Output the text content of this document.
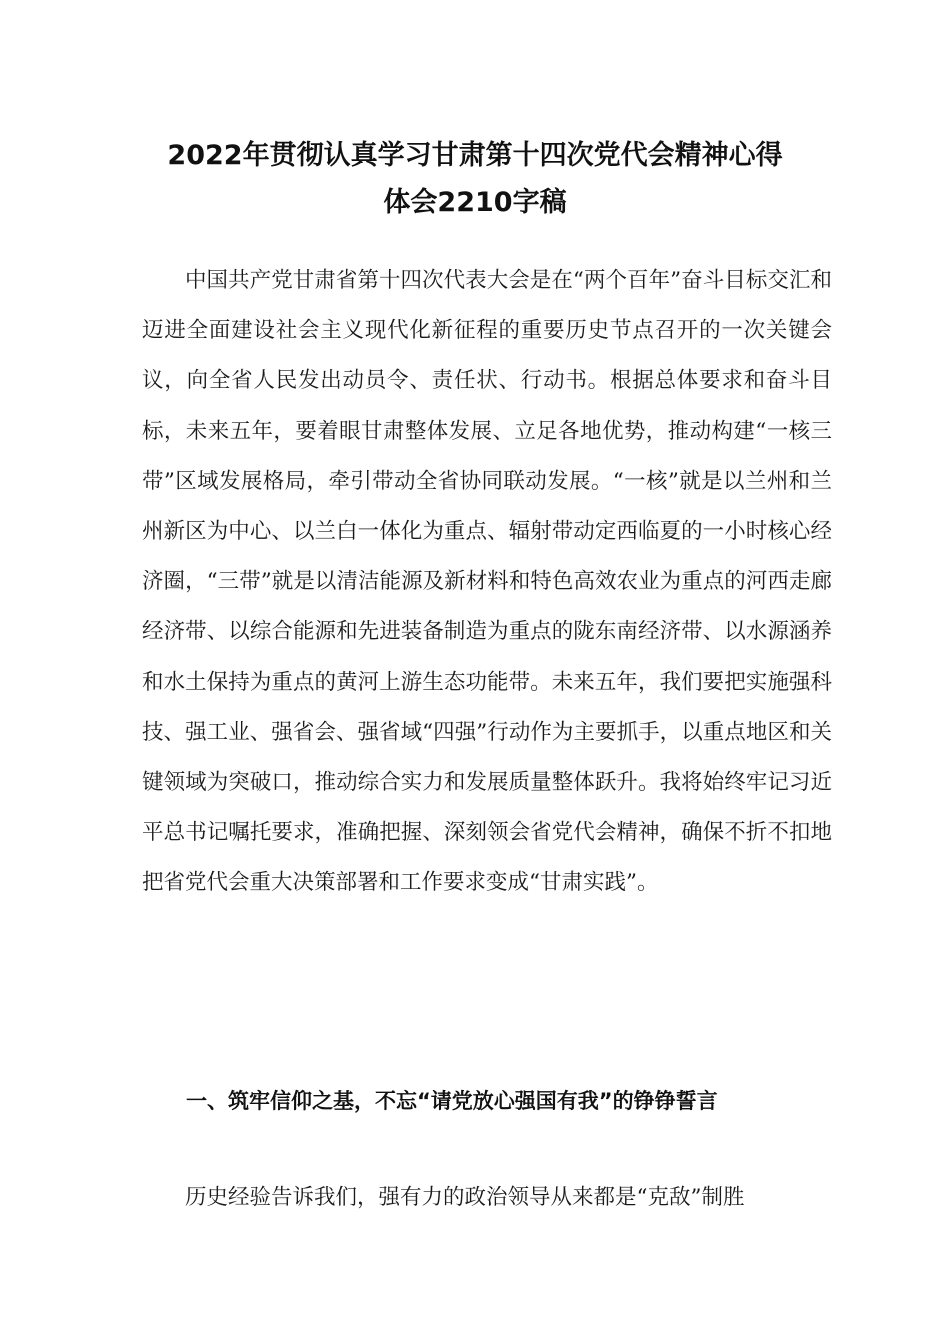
2022年贯彻认真学习甘肃第十四次党代会精神心得
体会2210字稿

中国共产党甘肃省第十四次代表大会是在“两个百年”奋斗目标交汇和迈进全面建设社会主义现代化新征程的重要历史节点召开的一次关键会议，向全省人民发出动员令、责任状、行动书。根据总体要求和奋斗目标，未来五年，要着眼甘肃整体发展、立足各地优势，推动构建“一核三带”区域发展格局，牵引带动全省协同联动发展。“一核”就是以兰州和兰州新区为中心、以兰白一体化为重点、辐射带动定西临夏的一小时核心经济圈，“三带”就是以清洁能源及新材料和特色高效农业为重点的河西走廊经济带、以综合能源和先进装备制造为重点的陇东南经济带、以水源涵养和水土保持为重点的黄河上游生态功能带。未来五年，我们要把实施强科技、强工业、强省会、强省域“四强”行动作为主要抓手，以重点地区和关键领域为突破口，推动综合实力和发展质量整体跃升。我将始终牢记习近平总书记嘱托要求，准确把握、深刻领会省党代会精神，确保不折不扣地把省党代会重大决策部署和工作要求变成“甘肃实践”。

一、筑牢信仰之基，不忘“请党放心强国有我”的铮铮誓言

历史经验告诉我们，强有力的政治领导从来都是“克敌”制胜
